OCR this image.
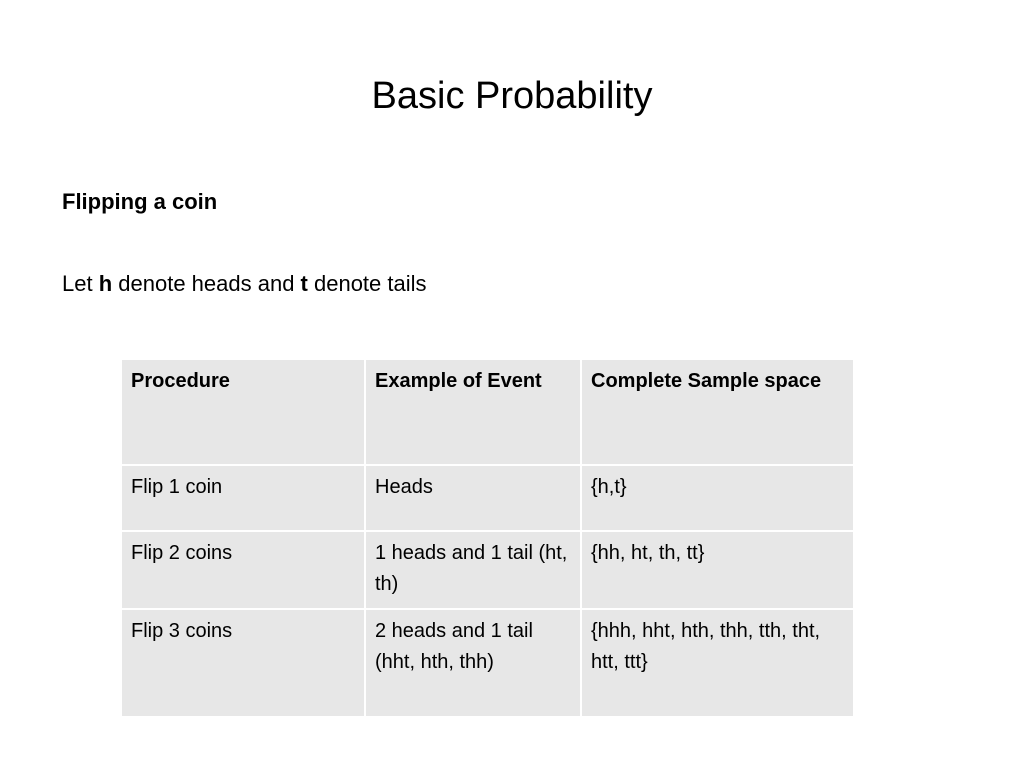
Basic Probability
Flipping a coin
Let h denote heads and t denote tails
Procedure	Example of Event	Complete Sample space
Flip 1 coin	Heads	{h,t}
Flip 2 coins	1 heads and 1 tail (ht, th)	{hh, ht, th, tt}
Flip 3 coins	2 heads and 1 tail (hht, hth, thh)	{hhh, hht, hth, thh, tth, tht, htt, ttt}
